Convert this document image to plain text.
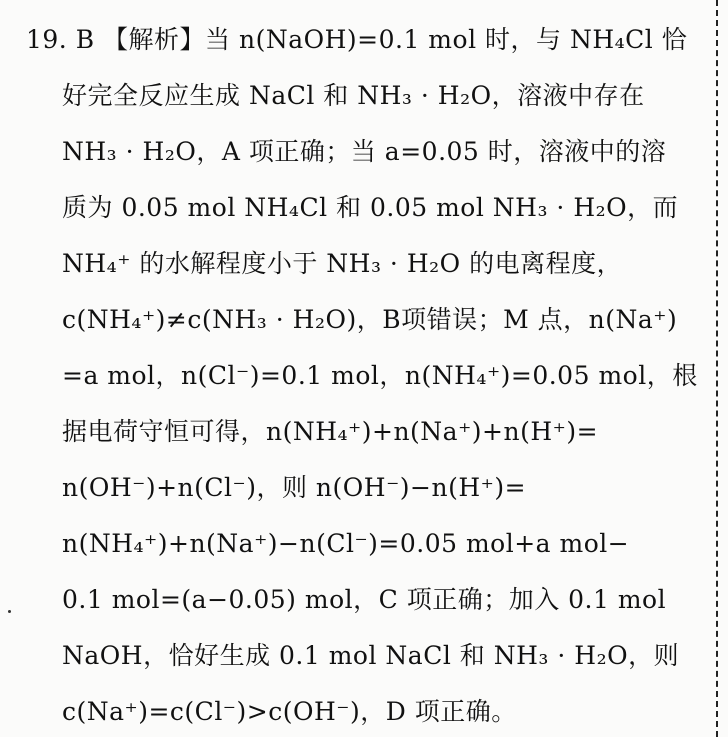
19. B 【解析】当 n(NaOH)=0.1 mol 时，与 NH₄Cl 恰
好完全反应生成 NaCl 和 NH₃ · H₂O，溶液中存在
NH₃ · H₂O，A 项正确；当 a=0.05 时，溶液中的溶
质为 0.05 mol NH₄Cl 和 0.05 mol NH₃ · H₂O，而
NH₄⁺ 的水解程度小于 NH₃ · H₂O 的电离程度，
c(NH₄⁺)≠c(NH₃ · H₂O)，B项错误；M 点，n(Na⁺)
=a mol，n(Cl⁻)=0.1 mol，n(NH₄⁺)=0.05 mol，根
据电荷守恒可得，n(NH₄⁺)+n(Na⁺)+n(H⁺)=
n(OH⁻)+n(Cl⁻)，则 n(OH⁻)−n(H⁺)=
n(NH₄⁺)+n(Na⁺)−n(Cl⁻)=0.05 mol+a mol−
0.1 mol=(a−0.05) mol，C 项正确；加入 0.1 mol
NaOH，恰好生成 0.1 mol NaCl 和 NH₃ · H₂O，则
c(Na⁺)=c(Cl⁻)>c(OH⁻)，D 项正确。
